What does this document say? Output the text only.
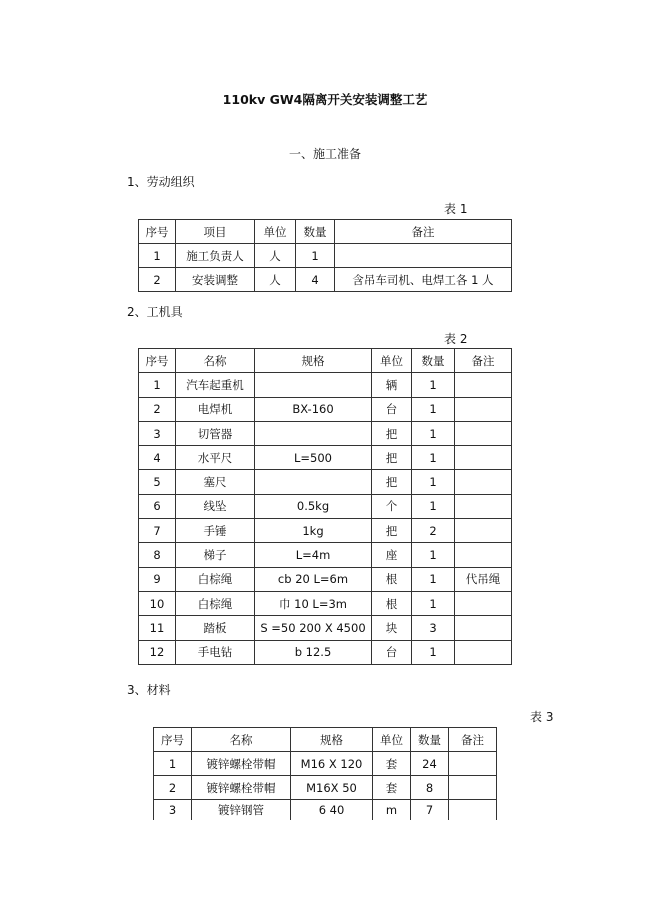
110kv GW4隔离开关安装调整工艺
一、施工准备
1、劳动组织
表 1
序号	项目	单位	数量	备注
1	施工负责人	人	1	
2	安装调整	人	4	含吊车司机、电焊工各 1 人
2、工机具
表 2
序号	名称	规格	单位	数量	备注
1	汽车起重机		辆	1	
2	电焊机	BX-160	台	1	
3	切管器		把	1	
4	水平尺	L=500	把	1	
5	塞尺		把	1	
6	线坠	0.5kg	个	1	
7	手锤	1kg	把	2	
8	梯子	L=4m	座	1	
9	白棕绳	cb 20 L=6m	根	1	代吊绳
10	白棕绳	巾 10 L=3m	根	1	
11	踏板	S =50 200 X 4500	块	3	
12	手电钻	b 12.5	台	1	
3、材料
表 3
序号	名称	规格	单位	数量	备注
1	镀锌螺栓带帽	M16 X 120	套	24	
2	镀锌螺栓带帽	M16X 50	套	8	
3	镀锌钢管	6 40	m	7	
